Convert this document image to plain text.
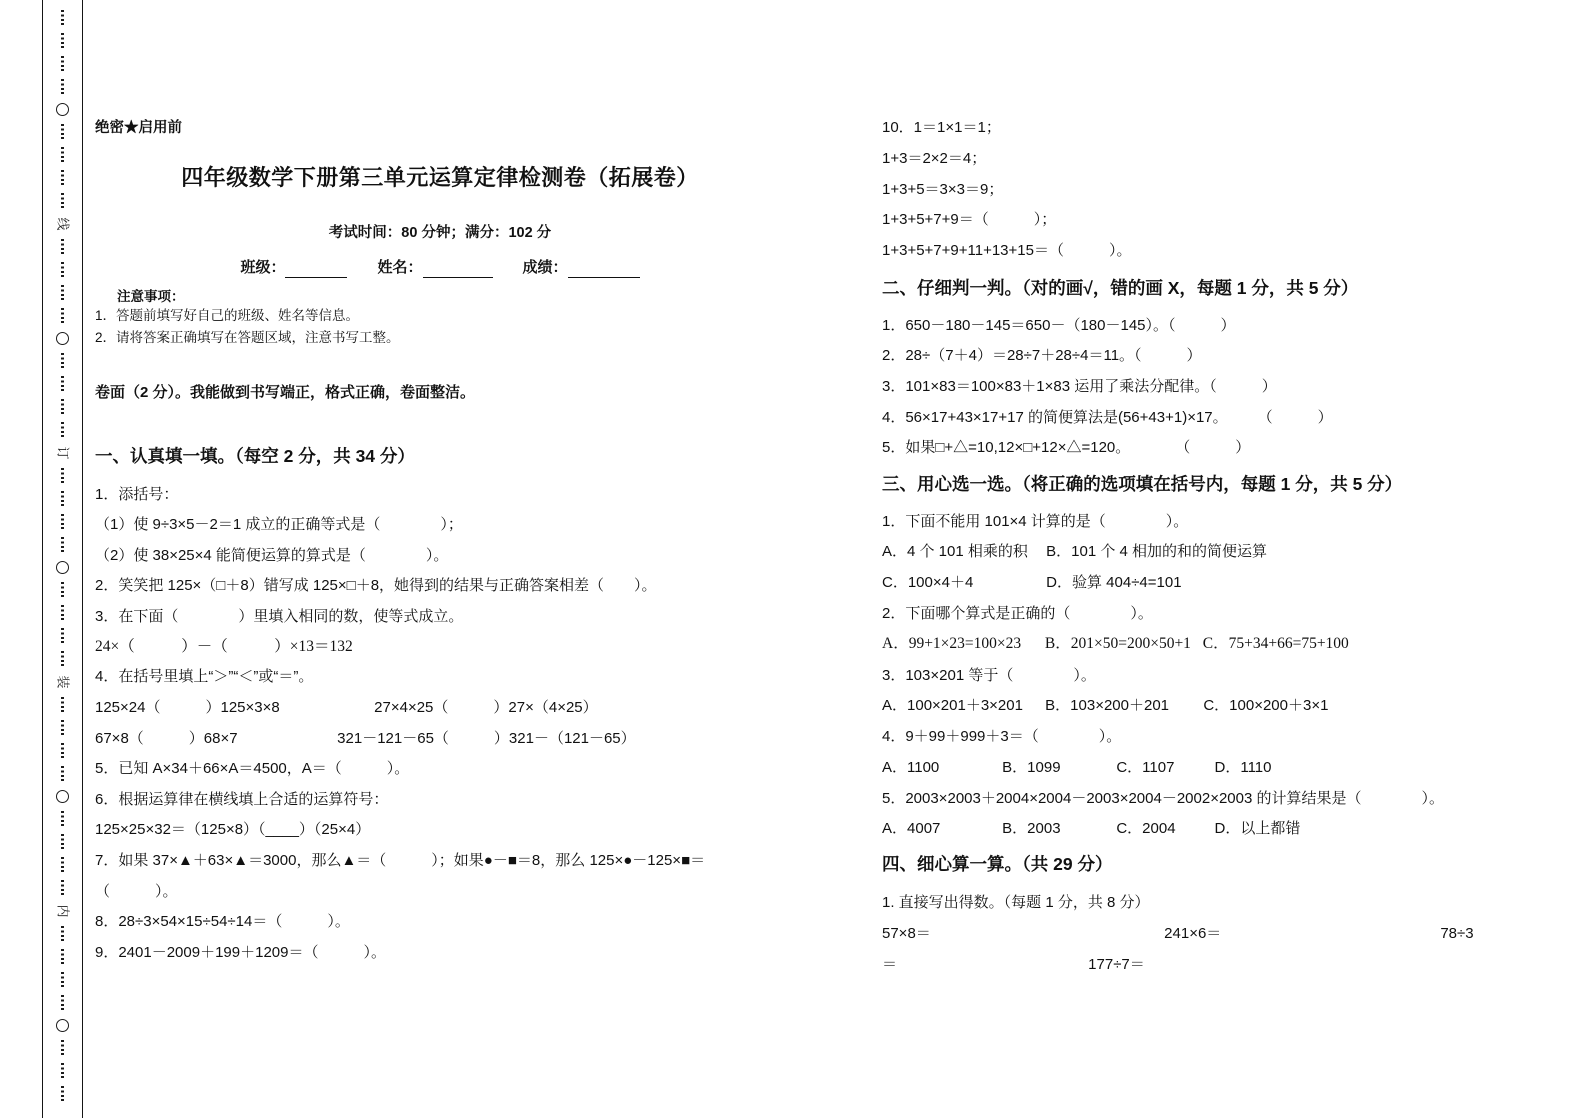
线
订
装
内
绝密★启用前
四年级数学下册第三单元运算定律检测卷（拓展卷）
考试时间：80 分钟；满分：102 分
班级：	姓名：	成绩：
注意事项：
1．答题前填写好自己的班级、姓名等信息。
2．请将答案正确填写在答题区域，注意书写工整。
卷面（2 分）。我能做到书写端正，格式正确，卷面整洁。
一、认真填一填。（每空 2 分，共 34 分）
1．添括号：
（1）使 9÷3×5－2＝1 成立的正确等式是（　　　　）；
（2）使 38×25×4 能简便运算的算式是（　　　　）。
2．笑笑把 125×（□＋8）错写成 125×□＋8，她得到的结果与正确答案相差（　　）。
3．在下面（　　　　）里填入相同的数，使等式成立。
24×（　　　）－（　　　）×13＝132
4．在括号里填上“＞”“＜”或“＝”。
125×24（　　　）125×3×8	27×4×25（　　　）27×（4×25）
67×8（　　　）68×7	321－121－65（　　　）321－（121－65）
5．已知 A×34＋66×A＝4500，A＝（　　　）。
6．根据运算律在横线填上合适的运算符号：
125×25×32＝（125×8）（____）（25×4）
7．如果 37×▲＋63×▲＝3000，那么▲＝（　　　）；如果●－■＝8，那么 125×●－125×■＝
（　　　）。
8．28÷3×54×15÷54÷14＝（　　　）。
9．2401－2009＋199＋1209＝（　　　）。
10．1＝1×1＝1；
1+3＝2×2＝4；
1+3+5＝3×3＝9；
1+3+5+7+9＝（　　　）；
1+3+5+7+9+11+13+15＝（　　　）。
二、仔细判一判。（对的画√，错的画 X，每题 1 分，共 5 分）
1．650－180－145＝650－（180－145）。（　　　）
2．28÷（7＋4）＝28÷7＋28÷4＝11。（　　　）
3．101×83＝100×83＋1×83 运用了乘法分配律。（　　　）
4．56×17+43×17+17 的简便算法是(56+43+1)×17。　　　（　　　）
5．如果□+△=10,12×□+12×△=120。　　　　（　　　）
三、用心选一选。（将正确的选项填在括号内，每题 1 分，共 5 分）
1．下面不能用 101×4 计算的是（　　　　）。
A．4 个 101 相乘的积 B．101 个 4 相加的和的简便运算
C．100×4＋4	D．验算 404÷4=101
2．下面哪个算式是正确的（　　　　）。
A．99+1×23=100×23 B．201×50=200×50+1 C．75+34+66=75+100
3．103×201 等于（　　　　）。
A．100×201＋3×201 B．103×200＋201 C．100×200＋3×1
4．9＋99＋999＋3＝（　　　　）。
A．1100	B．1099	C．1107	D．1110
5．2003×2003＋2004×2004－2003×2004－2002×2003 的计算结果是（　　　　）。
A．4007	B．2003	C．2004	D．以上都错
四、细心算一算。（共 29 分）
1. 直接写出得数。（每题 1 分，共 8 分）
57×8＝	241×6＝	78÷3
＝	177÷7＝
